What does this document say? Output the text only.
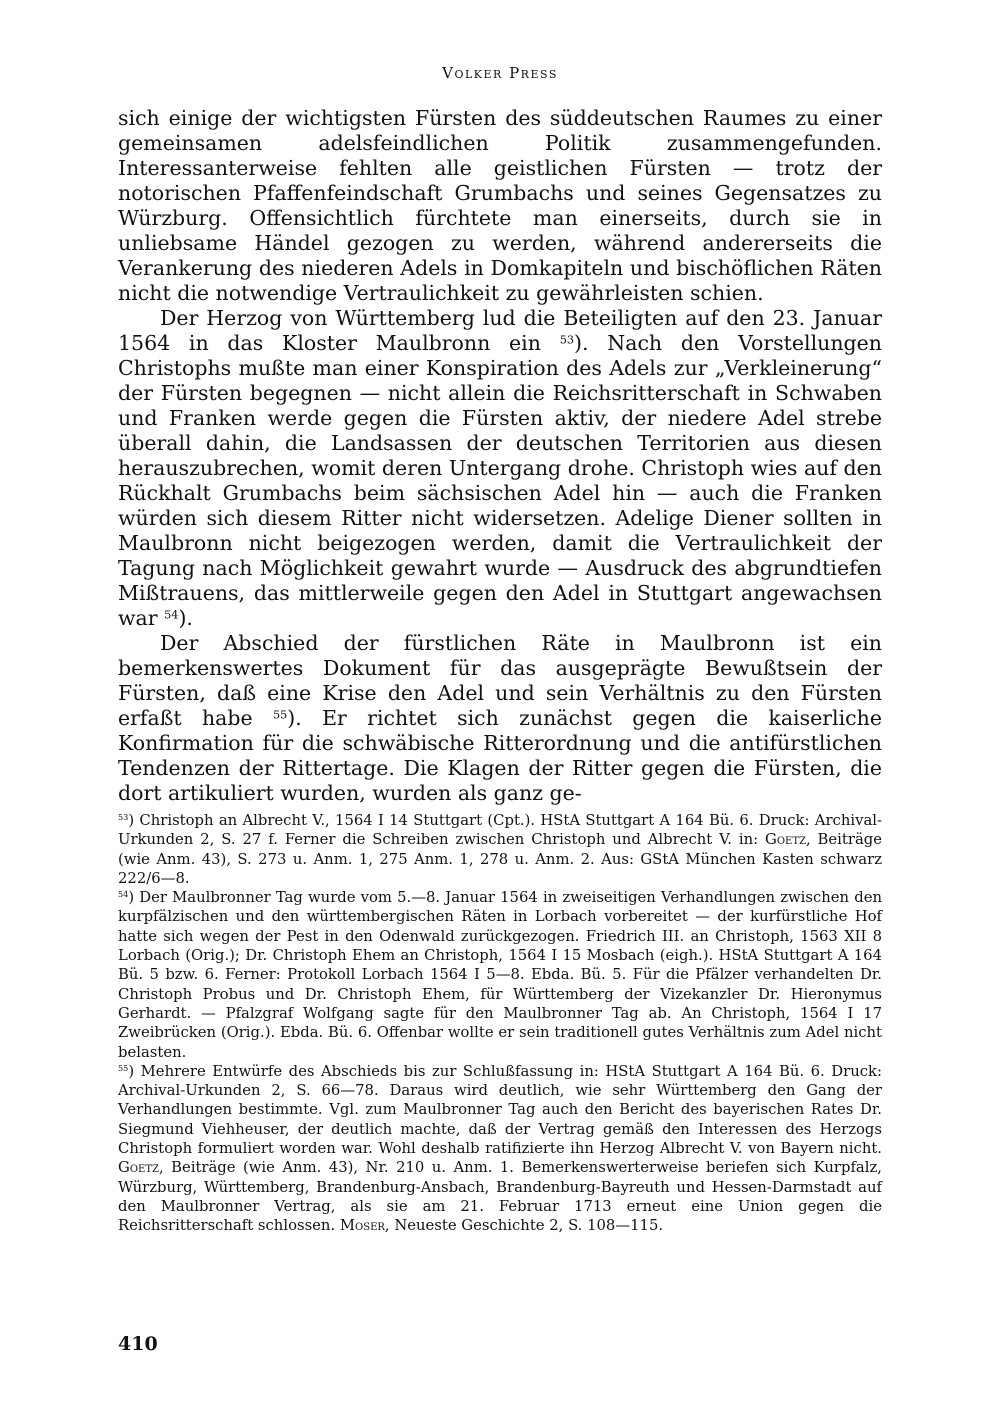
Volker Press

sich einige der wichtigsten Fürsten des süddeutschen Raumes zu einer gemeinsamen adelsfeindlichen Politik zusammengefunden. Interessanterweise fehlten alle geistlichen Fürsten — trotz der notorischen Pfaffenfeindschaft Grumbachs und seines Gegensatzes zu Würzburg. Offensichtlich fürchtete man einerseits, durch sie in unliebsame Händel gezogen zu werden, während andererseits die Verankerung des niederen Adels in Domkapiteln und bischöflichen Räten nicht die notwendige Vertraulichkeit zu gewährleisten schien.

Der Herzog von Württemberg lud die Beteiligten auf den 23. Januar 1564 in das Kloster Maulbronn ein $^{53}$). Nach den Vorstellungen Christophs mußte man einer Konspiration des Adels zur „Verkleinerung“ der Fürsten begegnen — nicht allein die Reichsritterschaft in Schwaben und Franken werde gegen die Fürsten aktiv, der niedere Adel strebe überall dahin, die Landsassen der deutschen Territorien aus diesen herauszubrechen, womit deren Untergang drohe. Christoph wies auf den Rückhalt Grumbachs beim sächsischen Adel hin — auch die Franken würden sich diesem Ritter nicht widersetzen. Adelige Diener sollten in Maulbronn nicht beigezogen werden, damit die Vertraulichkeit der Tagung nach Möglichkeit gewahrt wurde — Ausdruck des abgrundtiefen Mißtrauens, das mittlerweile gegen den Adel in Stuttgart angewachsen war $^{54}$).

Der Abschied der fürstlichen Räte in Maulbronn ist ein bemerkenswertes Dokument für das ausgeprägte Bewußtsein der Fürsten, daß eine Krise den Adel und sein Verhältnis zu den Fürsten erfaßt habe $^{55}$). Er richtet sich zunächst gegen die kaiserliche Konfirmation für die schwäbische Ritterordnung und die antifürstlichen Tendenzen der Rittertage. Die Klagen der Ritter gegen die Fürsten, die dort artikuliert wurden, wurden als ganz ge-

$^{53}$) Christoph an Albrecht V., 1564 I 14 Stuttgart (Cpt.). HStA Stuttgart A 164 Bü. 6. Druck: Archival-Urkunden 2, S. 27 f. Ferner die Schreiben zwischen Christoph und Albrecht V. in: Goetz, Beiträge (wie Anm. 43), S. 273 u. Anm. 1, 275 Anm. 1, 278 u. Anm. 2. Aus: GStA München Kasten schwarz 222/6—8.

$^{54}$) Der Maulbronner Tag wurde vom 5.—8. Januar 1564 in zweiseitigen Verhandlungen zwischen den kurpfälzischen und den württembergischen Räten in Lorbach vorbereitet — der kurfürstliche Hof hatte sich wegen der Pest in den Odenwald zurückgezogen. Friedrich III. an Christoph, 1563 XII 8 Lorbach (Orig.); Dr. Christoph Ehem an Christoph, 1564 I 15 Mosbach (eigh.). HStA Stuttgart A 164 Bü. 5 bzw. 6. Ferner: Protokoll Lorbach 1564 I 5—8. Ebda. Bü. 5. Für die Pfälzer verhandelten Dr. Christoph Probus und Dr. Christoph Ehem, für Württemberg der Vizekanzler Dr. Hieronymus Gerhardt. — Pfalzgraf Wolfgang sagte für den Maulbronner Tag ab. An Christoph, 1564 I 17 Zweibrücken (Orig.). Ebda. Bü. 6. Offenbar wollte er sein traditionell gutes Verhältnis zum Adel nicht belasten.

$^{55}$) Mehrere Entwürfe des Abschieds bis zur Schlußfassung in: HStA Stuttgart A 164 Bü. 6. Druck: Archival-Urkunden 2, S. 66—78. Daraus wird deutlich, wie sehr Württemberg den Gang der Verhandlungen bestimmte. Vgl. zum Maulbronner Tag auch den Bericht des bayerischen Rates Dr. Siegmund Viehheuser, der deutlich machte, daß der Vertrag gemäß den Interessen des Herzogs Christoph formuliert worden war. Wohl deshalb ratifizierte ihn Herzog Albrecht V. von Bayern nicht. Goetz, Beiträge (wie Anm. 43), Nr. 210 u. Anm. 1. Bemerkenswerterweise beriefen sich Kurpfalz, Würzburg, Württemberg, Brandenburg-Ansbach, Brandenburg-Bayreuth und Hessen-Darmstadt auf den Maulbronner Vertrag, als sie am 21. Februar 1713 erneut eine Union gegen die Reichsritterschaft schlossen. Moser, Neueste Geschichte 2, S. 108—115.

410
